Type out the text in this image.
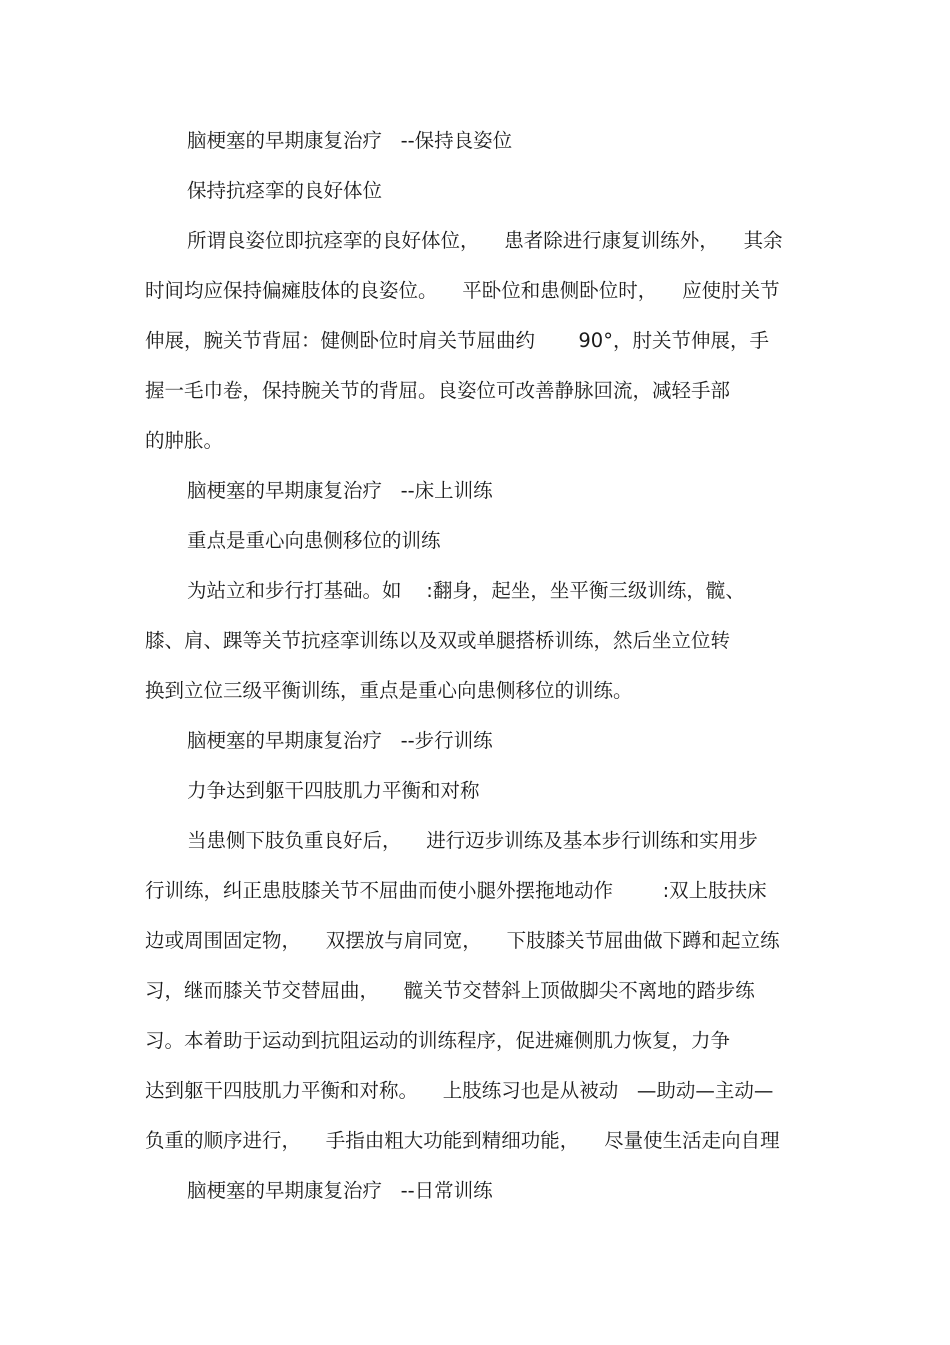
脑梗塞的早期康复治疗   --保持良姿位
保持抗痉挛的良好体位
所谓良姿位即抗痉挛的良好体位，    患者除进行康复训练外，    其余
时间均应保持偏瘫肢体的良姿位。    平卧位和患侧卧位时，    应使肘关节
伸展，腕关节背屈：健侧卧位时肩关节屈曲约       90°，肘关节伸展，手
握一毛巾卷，保持腕关节的背屈。良姿位可改善静脉回流，减轻手部
的肿胀。
脑梗塞的早期康复治疗   --床上训练
重点是重心向患侧移位的训练
为站立和步行打基础。如    :翻身，起坐，坐平衡三级训练，髋、
膝、肩、踝等关节抗痉挛训练以及双或单腿搭桥训练，然后坐立位转
换到立位三级平衡训练，重点是重心向患侧移位的训练。
脑梗塞的早期康复治疗   --步行训练
力争达到躯干四肢肌力平衡和对称
当患侧下肢负重良好后，    进行迈步训练及基本步行训练和实用步
行训练，纠正患肢膝关节不屈曲而使小腿外摆拖地动作        :双上肢扶床
边或周围固定物，    双摆放与肩同宽，    下肢膝关节屈曲做下蹲和起立练
习，继而膝关节交替屈曲，    髋关节交替斜上顶做脚尖不离地的踏步练
习。本着助于运动到抗阻运动的训练程序，促进瘫侧肌力恢复，力争
达到躯干四肢肌力平衡和对称。    上肢练习也是从被动   —助动—主动—
负重的顺序进行，    手指由粗大功能到精细功能，    尽量使生活走向自理
脑梗塞的早期康复治疗   --日常训练
